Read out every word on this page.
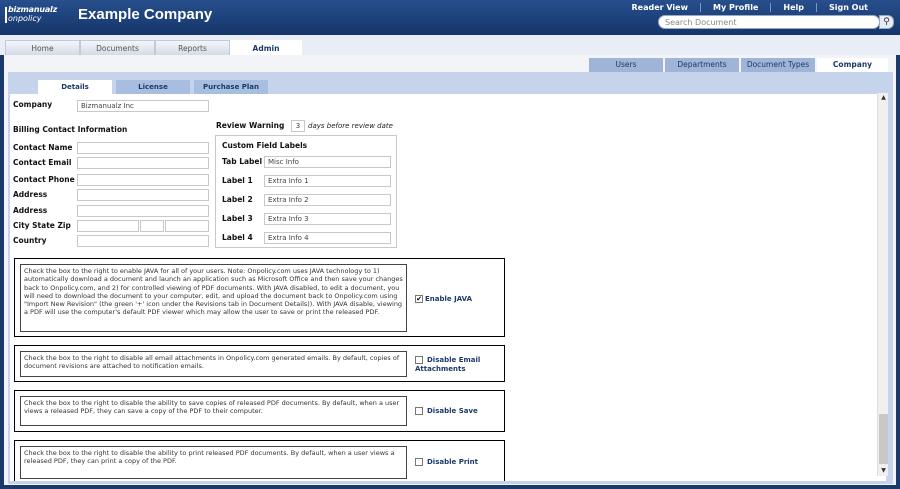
bizmanualz
onpolicy	Example Company	Reader View	My Profile	Help	Sign Out
Search Document	⚲
Home	Documents	Reports	Admin
Users	Departments	Document Types	Company
Details	License	Purchase Plan
Company	Bizmanualz Inc
Billing Contact Information
Contact Name
Contact Email
Contact Phone
Address
Address
City State Zip
Country
Review Warning	3	days before review date
Custom Field Labels
Tab Label Misc Info
Label 1	Extra Info 1
Label 2	Extra Info 2
Label 3	Extra Info 3
Label 4	Extra Info 4
Check the box to the right to enable JAVA for all of your users. Note: Onpolicy.com uses JAVA technology to 1) automatically download a document and launch an application such as Microsoft Office and then save your changes back to Onpolicy.com, and 2) for controlled viewing of PDF documents. With JAVA disabled, to edit a document, you will need to download the document to your computer, edit, and upload the document back to Onpolicy.com using "Import New Revision" (the green '+' icon under the Revisions tab in Document Details)). With JAVA disable, viewing a PDF will use the computer's default PDF viewer which may allow the user to save or print the released PDF.
✔ Enable JAVA
Check the box to the right to disable all email attachments in Onpolicy.com generated emails. By default, copies of document revisions are attached to notification emails.
Disable Email Attachments
Check the box to the right to disable the ability to save copies of released PDF documents. By default, when a user views a released PDF, they can save a copy of the PDF to their computer.	Disable Save
Check the box to the right to disable the ability to print released PDF documents. By default, when a user views a released PDF, they can print a copy of the PDF.	Disable Print
▲
▼
